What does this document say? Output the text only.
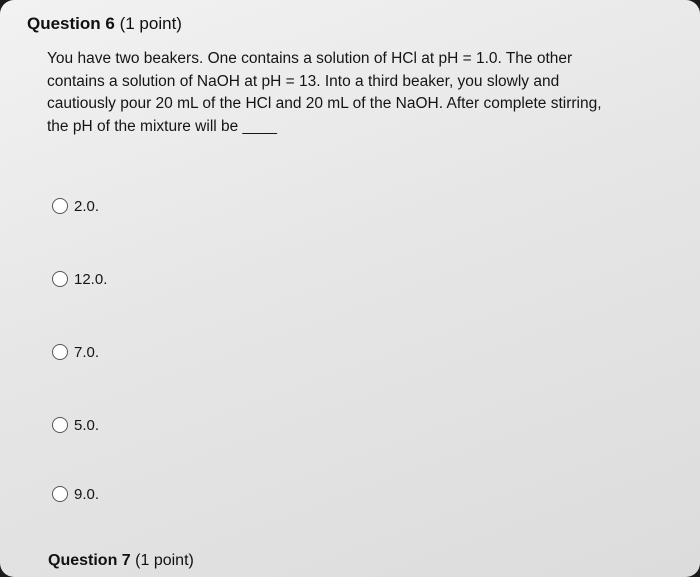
Question 6 (1 point)
You have two beakers. One contains a solution of HCl at pH = 1.0. The other
contains a solution of NaOH at pH = 13. Into a third beaker, you slowly and
cautiously pour 20 mL of the HCl and 20 mL of the NaOH. After complete stirring,
the pH of the mixture will be ____
2.0.
12.0.
7.0.
5.0.
9.0.
Question 7 (1 point)
